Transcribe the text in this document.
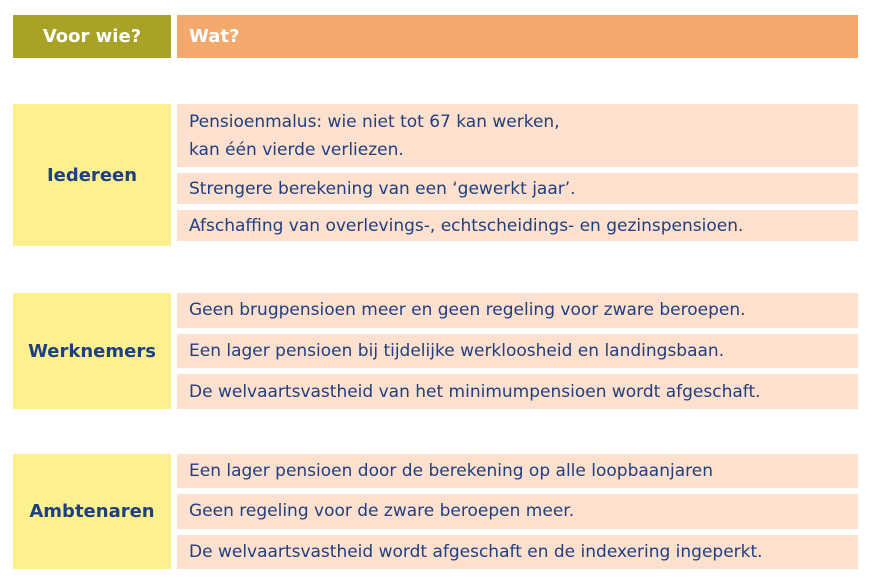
Voor wie?	Wat?
Iedereen
Pensioenmalus: wie niet tot 67 kan werken,
kan één vierde verliezen.
Strengere berekening van een ‘gewerkt jaar’.
Afschaffing van overlevings-, echtscheidings- en gezinspensioen.
Werknemers
Geen brugpensioen meer en geen regeling voor zware beroepen.
Een lager pensioen bij tijdelijke werkloosheid en landingsbaan.
De welvaartsvastheid van het minimumpensioen wordt afgeschaft.
Ambtenaren
Een lager pensioen door de berekening op alle loopbaanjaren
Geen regeling voor de zware beroepen meer.
De welvaartsvastheid wordt afgeschaft en de indexering ingeperkt.
